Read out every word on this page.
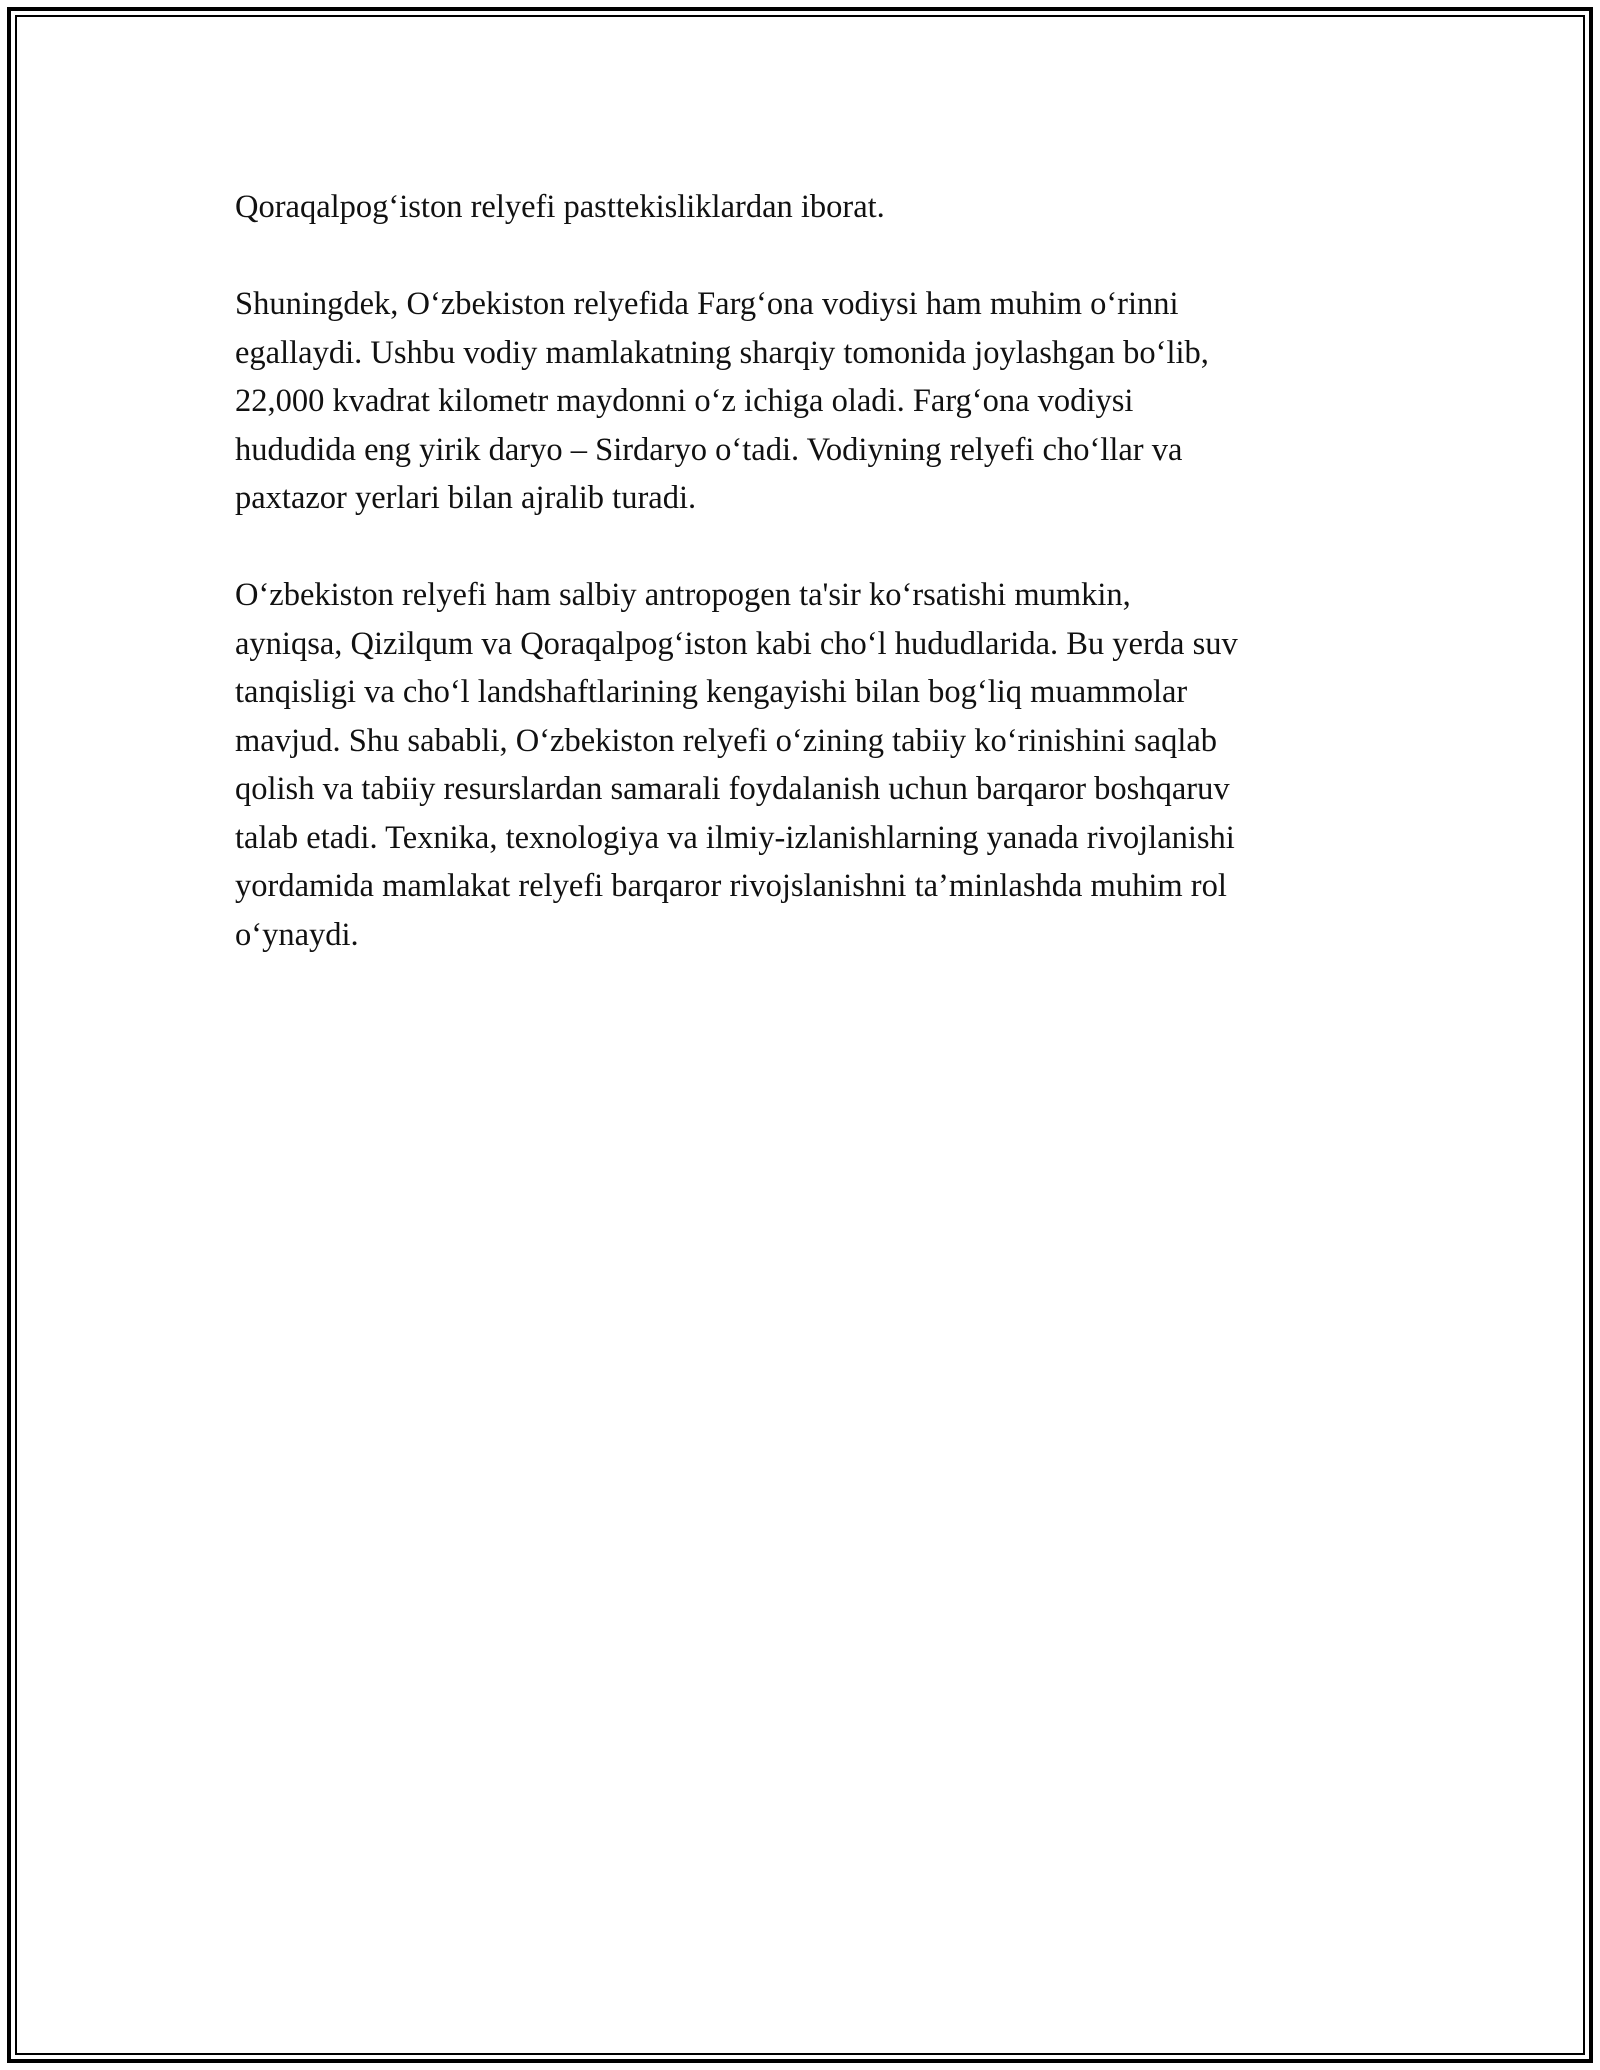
Qoraqalpog‘iston relyefi pasttekisliklardan iborat.

Shuningdek, O‘zbekiston relyefida Farg‘ona vodiysi ham muhim o‘rinni
egallaydi. Ushbu vodiy mamlakatning sharqiy tomonida joylashgan bo‘lib,
22,000 kvadrat kilometr maydonni o‘z ichiga oladi. Farg‘ona vodiysi
hududida eng yirik daryo – Sirdaryo o‘tadi. Vodiyning relyefi cho‘llar va
paxtazor yerlari bilan ajralib turadi.

O‘zbekiston relyefi ham salbiy antropogen ta'sir ko‘rsatishi mumkin,
ayniqsa, Qizilqum va Qoraqalpog‘iston kabi cho‘l hududlarida. Bu yerda suv
tanqisligi va cho‘l landshaftlarining kengayishi bilan bog‘liq muammolar
mavjud. Shu sababli, O‘zbekiston relyefi o‘zining tabiiy ko‘rinishini saqlab
qolish va tabiiy resurslardan samarali foydalanish uchun barqaror boshqaruv
talab etadi. Texnika, texnologiya va ilmiy-izlanishlarning yanada rivojlanishi
yordamida mamlakat relyefi barqaror rivojslanishni ta’minlashda muhim rol
o‘ynaydi.
